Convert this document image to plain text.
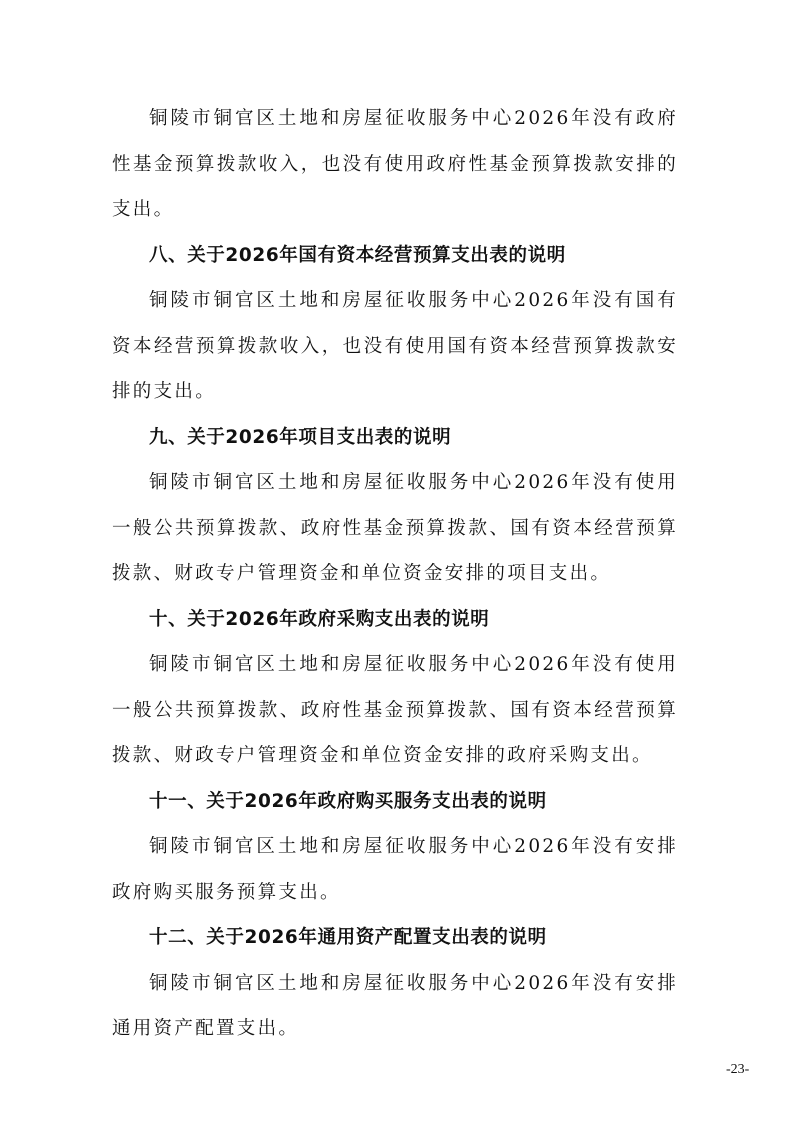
铜陵市铜官区土地和房屋征收服务中心2026年没有政府性基金预算拨款收入，也没有使用政府性基金预算拨款安排的支出。

八、关于2026年国有资本经营预算支出表的说明

铜陵市铜官区土地和房屋征收服务中心2026年没有国有资本经营预算拨款收入，也没有使用国有资本经营预算拨款安排的支出。

九、关于2026年项目支出表的说明

铜陵市铜官区土地和房屋征收服务中心2026年没有使用一般公共预算拨款、政府性基金预算拨款、国有资本经营预算拨款、财政专户管理资金和单位资金安排的项目支出。

十、关于2026年政府采购支出表的说明

铜陵市铜官区土地和房屋征收服务中心2026年没有使用一般公共预算拨款、政府性基金预算拨款、国有资本经营预算拨款、财政专户管理资金和单位资金安排的政府采购支出。

十一、关于2026年政府购买服务支出表的说明

铜陵市铜官区土地和房屋征收服务中心2026年没有安排政府购买服务预算支出。

十二、关于2026年通用资产配置支出表的说明

铜陵市铜官区土地和房屋征收服务中心2026年没有安排通用资产配置支出。

-23-
